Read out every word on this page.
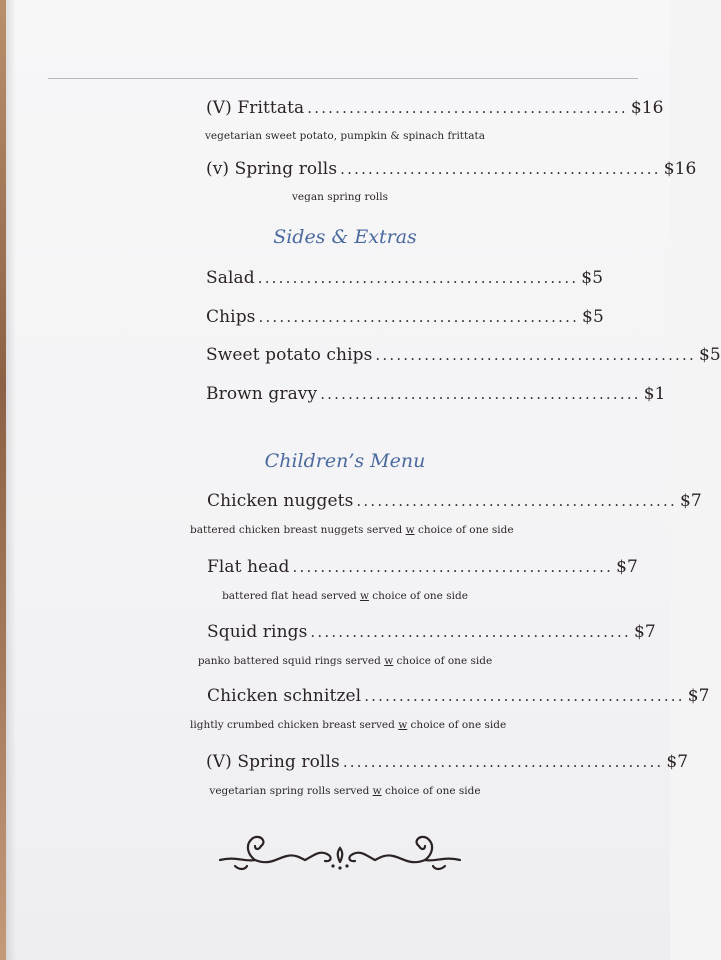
(V) Frittata .............................................. $16
vegetarian sweet potato, pumpkin & spinach frittata
(v) Spring rolls .............................................. $16
vegan spring rolls
Sides & Extras
Salad .............................................. $5
Chips .............................................. $5
Sweet potato chips .............................................. $5
Brown gravy .............................................. $1
Children’s Menu
Chicken nuggets .............................................. $7
battered chicken breast nuggets served w choice of one side
Flat head .............................................. $7
battered flat head served w choice of one side
Squid rings .............................................. $7
panko battered squid rings served w choice of one side
Chicken schnitzel .............................................. $7
lightly crumbed chicken breast served w choice of one side
(V) Spring rolls .............................................. $7
vegetarian spring rolls served w choice of one side
